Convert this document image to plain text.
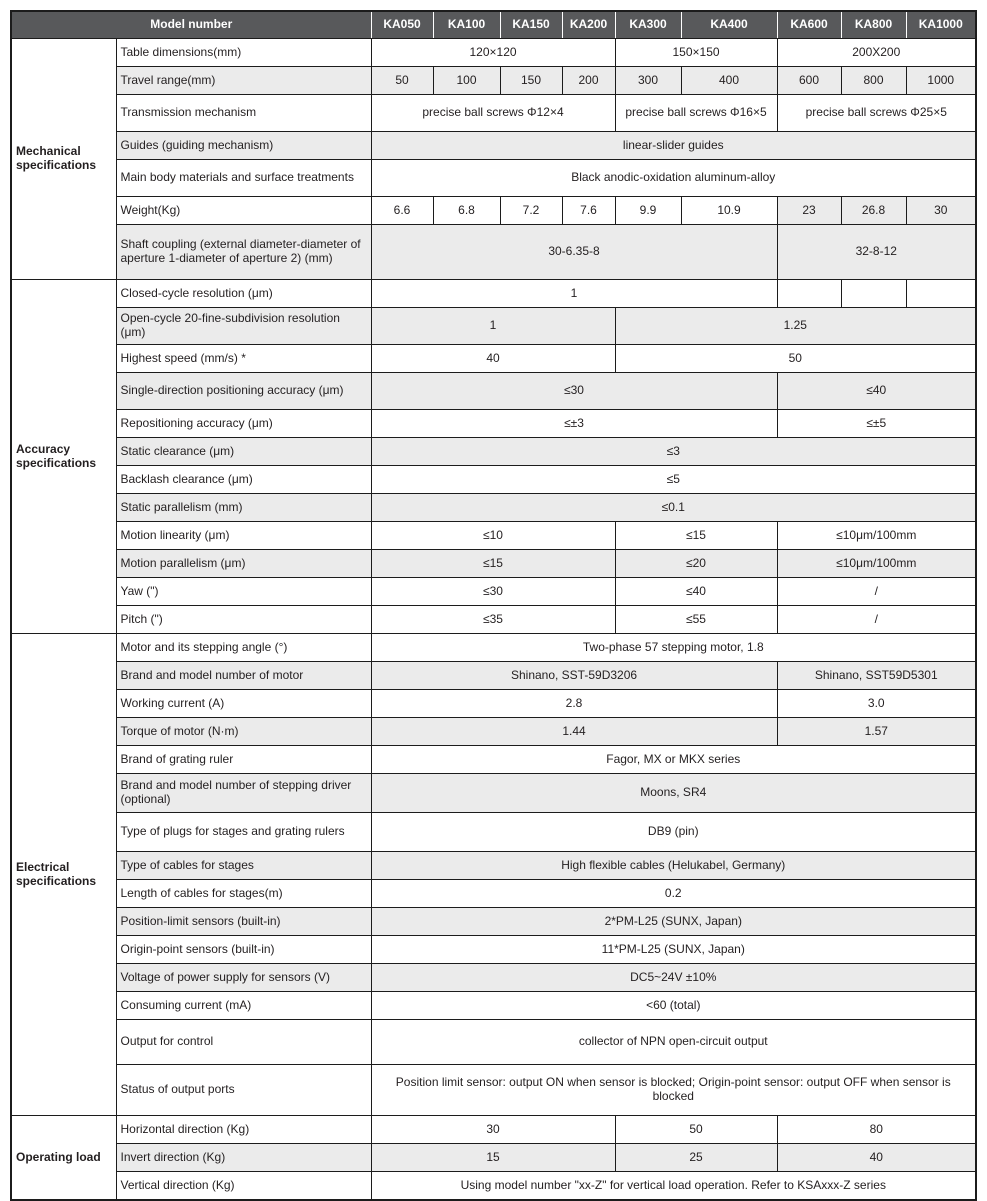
Model number		KA050	KA100	KA150	KA200	KA300	KA400	KA600	KA800	KA1000
Mechanical specifications	Table dimensions(mm)	120×120				150×150		200X200		
	Travel range(mm)	50	100	150	200	300	400	600	800	1000
	Transmission mechanism	precise ball screws Φ12×4				precise ball screws Φ16×5		precise ball screws Φ25×5		
	Guides (guiding mechanism)	linear-slider guides								
	Main body materials and surface treatments	Black anodic-oxidation aluminum-alloy								
	Weight(Kg)	6.6	6.8	7.2	7.6	9.9	10.9	23	26.8	30
	Shaft coupling (external diameter-diameter of aperture 1-diameter of aperture 2) (mm)	30-6.35-8						32-8-12		
Accuracy specifications	Closed-cycle resolution (μm)	1								
	Open-cycle 20-fine-subdivision resolution (μm)	1				1.25				
	Highest speed (mm/s) *	40				50				
	Single-direction positioning accuracy (μm)	≤30						≤40		
	Repositioning accuracy (μm)	≤±3						≤±5		
	Static clearance (μm)	≤3								
	Backlash clearance (μm)	≤5								
	Static parallelism (mm)	≤0.1								
	Motion linearity (μm)	≤10				≤15		≤10μm/100mm		
	Motion parallelism (μm)	≤15				≤20		≤10μm/100mm		
	Yaw (")	≤30				≤40		/		
	Pitch (")	≤35				≤55		/		
Electrical specifications	Motor and its stepping angle (°)	Two-phase 57 stepping motor, 1.8								
	Brand and model number of motor	Shinano, SST-59D3206						Shinano, SST59D5301		
	Working current (A)	2.8						3.0		
	Torque of motor (N·m)	1.44						1.57		
	Brand of grating ruler	Fagor, MX or MKX series								
	Brand and model number of stepping driver (optional)	Moons, SR4								
	Type of plugs for stages and grating rulers	DB9 (pin)								
	Type of cables for stages	High flexible cables (Helukabel, Germany)								
	Length of cables for stages(m)	0.2								
	Position-limit sensors (built-in)	2*PM-L25 (SUNX, Japan)								
	Origin-point sensors (built-in)	11*PM-L25 (SUNX, Japan)								
	Voltage of power supply for sensors (V)	DC5~24V ±10%								
	Consuming current (mA)	<60 (total)								
	Output for control	collector of NPN open-circuit output								
	Status of output ports	Position limit sensor: output ON when sensor is blocked; Origin-point sensor: output OFF when sensor is blocked								
Operating load	Horizontal direction (Kg)	30				50		80		
	Invert direction (Kg)	15				25		40		
	Vertical direction (Kg)	Using model number "xx-Z" for vertical load operation. Refer to KSAxxx-Z series								
